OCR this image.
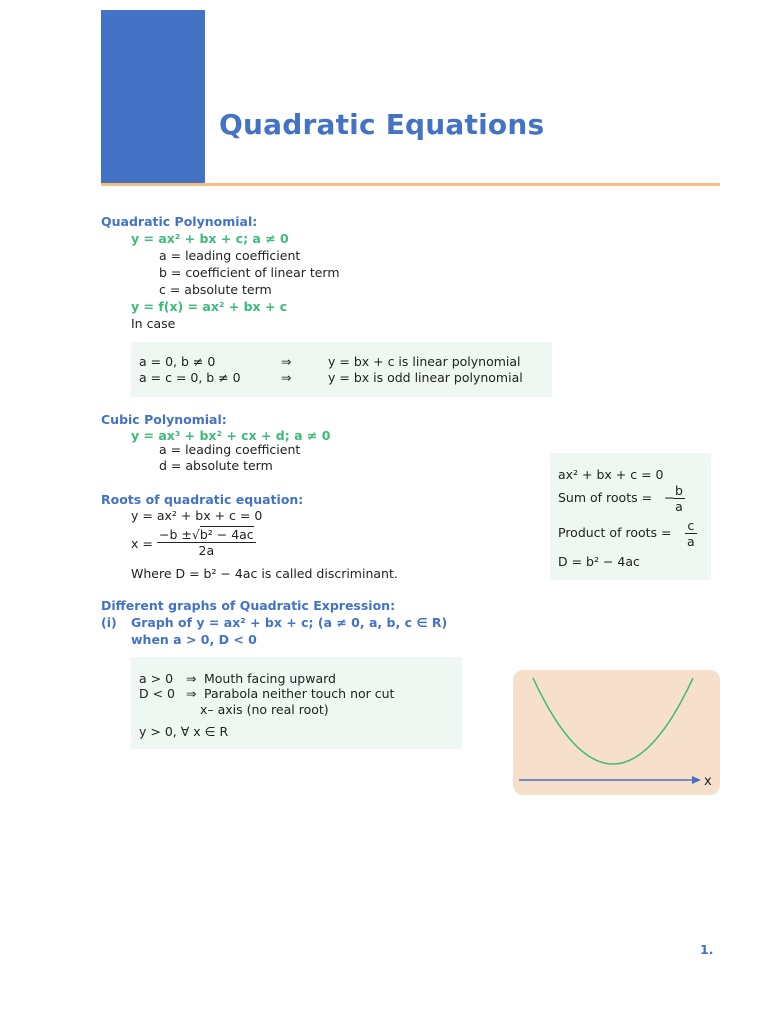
Quadratic Equations
Quadratic Polynomial:
y = ax² + bx + c; a ≠ 0
a = leading coefficient
b = coefficient of linear term
c = absolute term
y = f(x) = ax² + bx + c
In case
a = 0, b ≠ 0	⇒	y = bx + c is linear polynomial
a = c = 0, b ≠ 0	⇒	y = bx is odd linear polynomial
Cubic Polynomial:
y = ax³ + bx² + cx + d; a ≠ 0
a = leading coefficient
d = absolute term
ax² + bx + c = 0
Sum of roots = −
$\frac{b}{a}$
Product of roots = $\frac{c}{a}$
D = b² − 4ac
Roots of quadratic equation:
y = ax² + bx + c = 0
$x = \frac{\text{−b ±√b² − 4ac}}{2a}$
Where D = b² − 4ac is called discriminant.
Different graphs of Quadratic Expression:
(i) Graph of y = ax² + bx + c; (a ≠ 0, a, b, c ∈ R)
when a > 0, D < 0
a > 0 ⇒ Mouth facing upward
D < 0 ⇒ Parabola neither touch nor cut
x– axis (no real root)
y > 0, ∀ x ∈ R
x
1.
